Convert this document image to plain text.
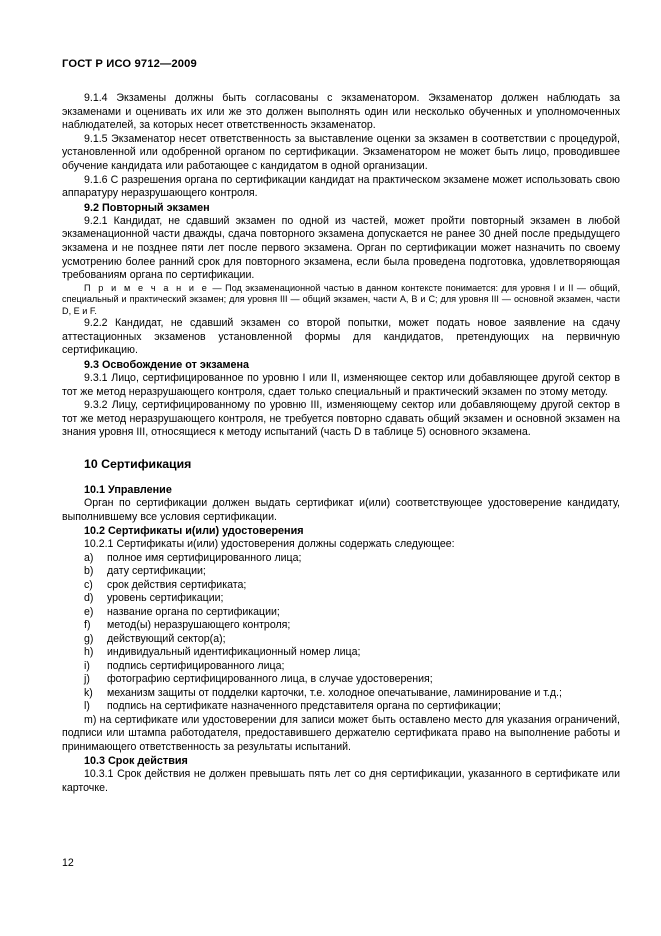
ГОСТ Р ИСО 9712—2009

9.1.4 Экзамены должны быть согласованы с экзаменатором. Экзаменатор должен наблюдать за экзаменами и оценивать их или же это должен выполнять один или несколько обученных и уполномоченных наблюдателей, за которых несет ответственность экзаменатор.

9.1.5 Экзаменатор несет ответственность за выставление оценки за экзамен в соответствии с процедурой, установленной или одобренной органом по сертификации. Экзаменатором не может быть лицо, проводившее обучение кандидата или работающее с кандидатом в одной организации.

9.1.6 С разрешения органа по сертификации кандидат на практическом экзамене может использовать свою аппаратуру неразрушающего контроля.

9.2 Повторный экзамен

9.2.1 Кандидат, не сдавший экзамен по одной из частей, может пройти повторный экзамен в любой экзаменационной части дважды, сдача повторного экзамена допускается не ранее 30 дней после предыдущего экзамена и не позднее пяти лет после первого экзамена. Орган по сертификации может назначить по своему усмотрению более ранний срок для повторного экзамена, если была проведена подготовка, удовлетворяющая требованиям органа по сертификации.

П р и м е ч а н и е — Под экзаменационной частью в данном контексте понимается: для уровня I и II — общий, специальный и практический экзамен; для уровня III — общий экзамен, части A, B и C; для уровня III — основной экзамен, части D, E и F.

9.2.2 Кандидат, не сдавший экзамен со второй попытки, может подать новое заявление на сдачу аттестационных экзаменов установленной формы для кандидатов, претендующих на первичную сертификацию.

9.3 Освобождение от экзамена

9.3.1 Лицо, сертифицированное по уровню I или II, изменяющее сектор или добавляющее другой сектор в тот же метод неразрушающего контроля, сдает только специальный и практический экзамен по этому методу.

9.3.2 Лицу, сертифицированному по уровню III, изменяющему сектор или добавляющему другой сектор в тот же метод неразрушающего контроля, не требуется повторно сдавать общий экзамен и основной экзамен на знания уровня III, относящиеся к методу испытаний (часть D в таблице 5) основного экзамена.

10 Сертификация

10.1 Управление

Орган по сертификации должен выдать сертификат и(или) соответствующее удостоверение кандидату, выполнившему все условия сертификации.

10.2 Сертификаты и(или) удостоверения

10.2.1 Сертификаты и(или) удостоверения должны содержать следующее:

a) полное имя сертифицированного лица;
b) дату сертификации;
c) срок действия сертификата;
d) уровень сертификации;
e) название органа по сертификации;
f) метод(ы) неразрушающего контроля;
g) действующий сектор(а);
h) индивидуальный идентификационный номер лица;
i) подпись сертифицированного лица;
j) фотографию сертифицированного лица, в случае удостоверения;
k) механизм защиты от подделки карточки, т.е. холодное опечатывание, ламинирование и т.д.;
l) подпись на сертификате назначенного представителя органа по сертификации;
m) на сертификате или удостоверении для записи может быть оставлено место для указания ограничений, подписи или штампа работодателя, предоставившего держателю сертификата право на выполнение работы и принимающего ответственность за результаты испытаний.

10.3 Срок действия

10.3.1 Срок действия не должен превышать пять лет со дня сертификации, указанного в сертификате или карточке.

12
